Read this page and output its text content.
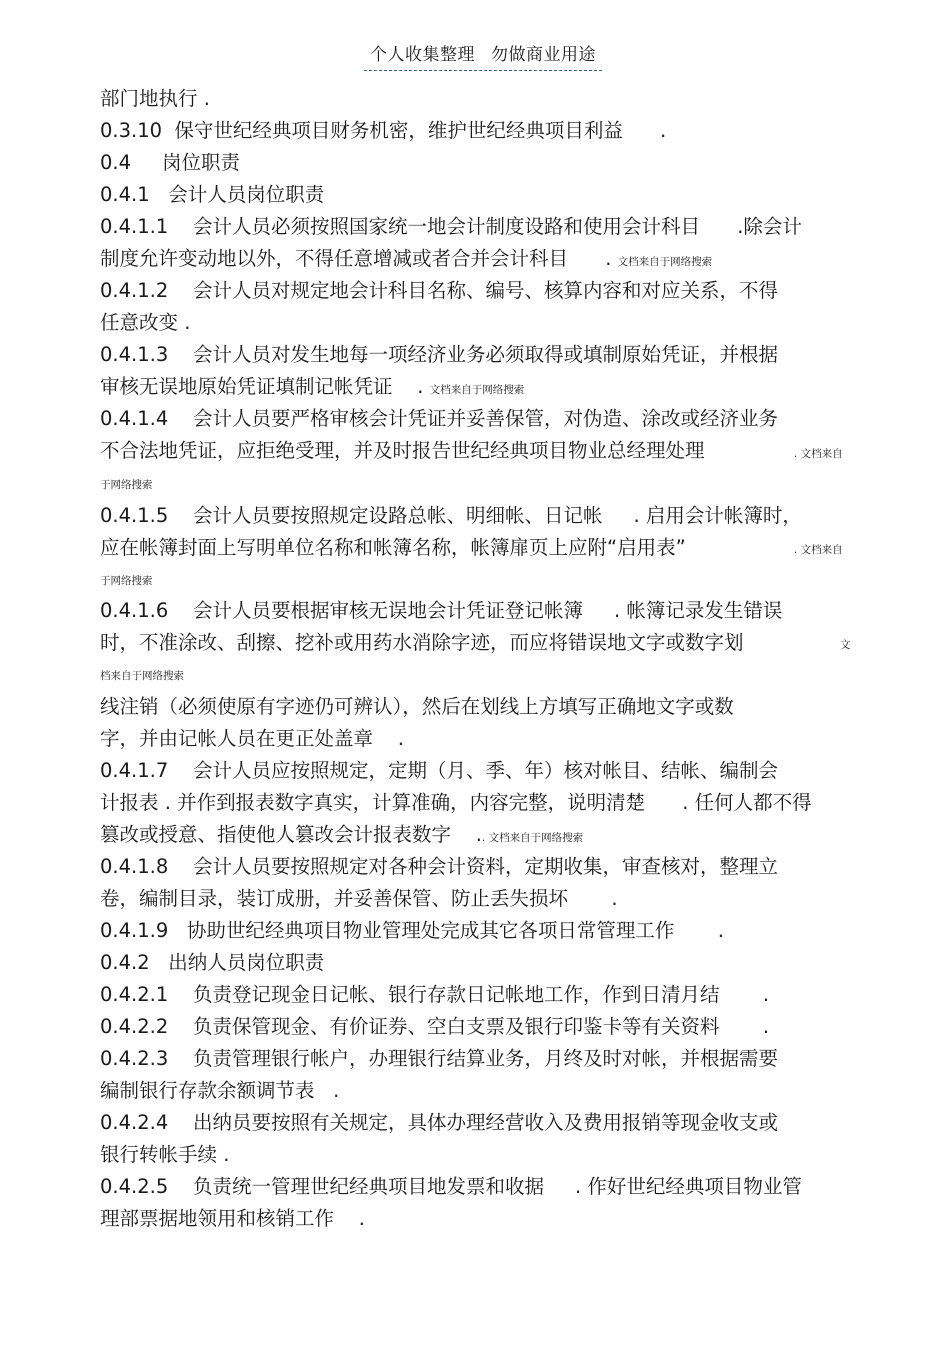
个人收集整理 勿做商业用途
部门地执行 .
0.3.10  保守世纪经典项目财务机密，维护世纪经典项目利益      .
0.4     岗位职责
0.4.1   会计人员岗位职责
0.4.1.1    会计人员必须按照国家统一地会计制度设路和使用会计科目      .除会计
制度允许变动地以外，不得任意增减或者合并会计科目      . 文档来自于网络搜索
0.4.1.2    会计人员对规定地会计科目名称、编号、核算内容和对应关系，不得
任意改变 .
0.4.1.3    会计人员对发生地每一项经济业务必须取得或填制原始凭证，并根据
审核无误地原始凭证填制记帐凭证    . 文档来自于网络搜索
0.4.1.4    会计人员要严格审核会计凭证并妥善保管，对伪造、涂改或经济业务
不合法地凭证，应拒绝受理，并及时报告世纪经典项目物业总经理处理	. 文档来自
于网络搜索
0.4.1.5    会计人员要按照规定设路总帐、明细帐、日记帐     . 启用会计帐簿时，
应在帐簿封面上写明单位名称和帐簿名称，帐簿扉页上应附“启用表”	. 文档来自
于网络搜索
0.4.1.6    会计人员要根据审核无误地会计凭证登记帐簿     . 帐簿记录发生错误
时，不准涂改、刮擦、挖补或用药水消除字迹，而应将错误地文字或数字划	文
档来自于网络搜索
线注销（必须使原有字迹仍可辨认），然后在划线上方填写正确地文字或数
字，并由记帐人员在更正处盖章    .
0.4.1.7    会计人员应按照规定，定期（月、季、年）核对帐目、结帐、编制会
计报表 . 并作到报表数字真实，计算准确，内容完整，说明清楚      . 任何人都不得
篡改或授意、指使他人篡改会计报表数字    .. 文档来自于网络搜索
0.4.1.8    会计人员要按照规定对各种会计资料，定期收集，审查核对，整理立
卷，编制目录，装订成册，并妥善保管、防止丢失损坏       .
0.4.1.9   协助世纪经典项目物业管理处完成其它各项日常管理工作       .
0.4.2   出纳人员岗位职责
0.4.2.1    负责登记现金日记帐、银行存款日记帐地工作，作到日清月结       .
0.4.2.2    负责保管现金、有价证券、空白支票及银行印鉴卡等有关资料       .
0.4.2.3    负责管理银行帐户，办理银行结算业务，月终及时对帐，并根据需要
编制银行存款余额调节表   .
0.4.2.4    出纳员要按照有关规定，具体办理经营收入及费用报销等现金收支或
银行转帐手续 .
0.4.2.5    负责统一管理世纪经典项目地发票和收据     . 作好世纪经典项目物业管
理部票据地领用和核销工作    .
